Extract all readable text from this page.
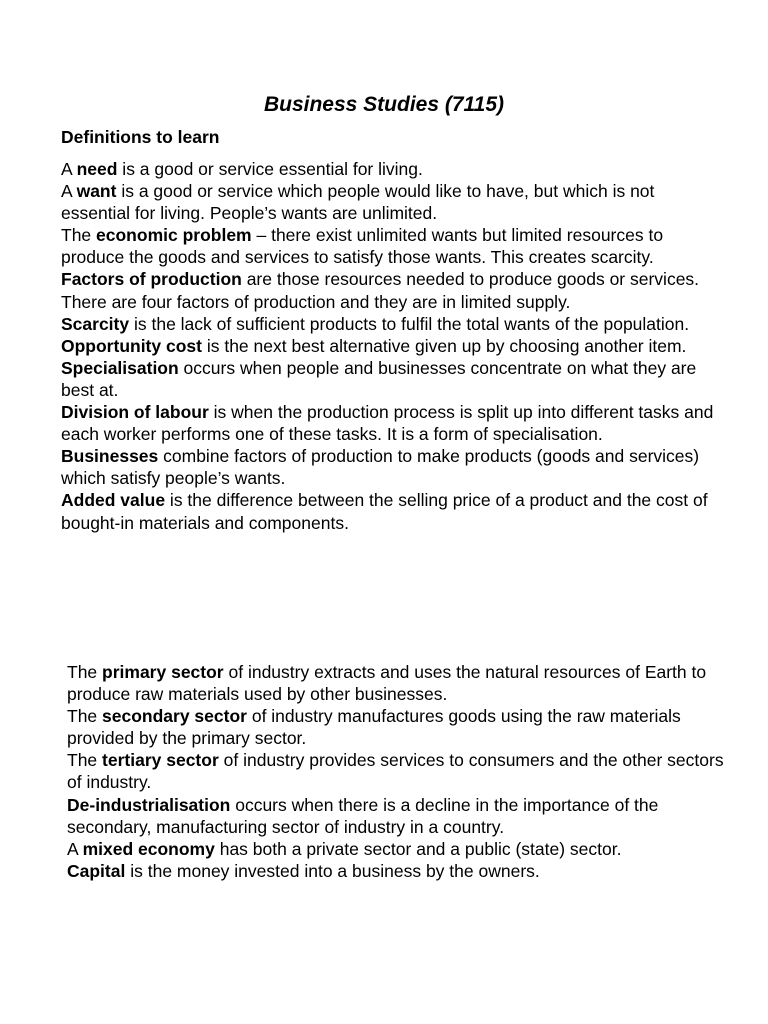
Business Studies (7115)
Definitions to learn

A need is a good or service essential for living.

A want is a good or service which people would like to have, but which is not essential for living. People’s wants are unlimited.

The economic problem – there exist unlimited wants but limited resources to produce the goods and services to satisfy those wants. This creates scarcity.

Factors of production are those resources needed to produce goods or services. There are four factors of production and they are in limited supply.

Scarcity is the lack of sufficient products to fulfil the total wants of the population.

Opportunity cost is the next best alternative given up by choosing another item.

Specialisation occurs when people and businesses concentrate on what they are best at.

Division of labour is when the production process is split up into different tasks and each worker performs one of these tasks. It is a form of specialisation.

Businesses combine factors of production to make products (goods and services) which satisfy people’s wants.

Added value is the difference between the selling price of a product and the cost of bought-in materials and components.

The primary sector of industry extracts and uses the natural resources of Earth to produce raw materials used by other businesses.

The secondary sector of industry manufactures goods using the raw materials provided by the primary sector.

The tertiary sector of industry provides services to consumers and the other sectors of industry.

De-industrialisation occurs when there is a decline in the importance of the secondary, manufacturing sector of industry in a country.

A mixed economy has both a private sector and a public (state) sector.

Capital is the money invested into a business by the owners.
